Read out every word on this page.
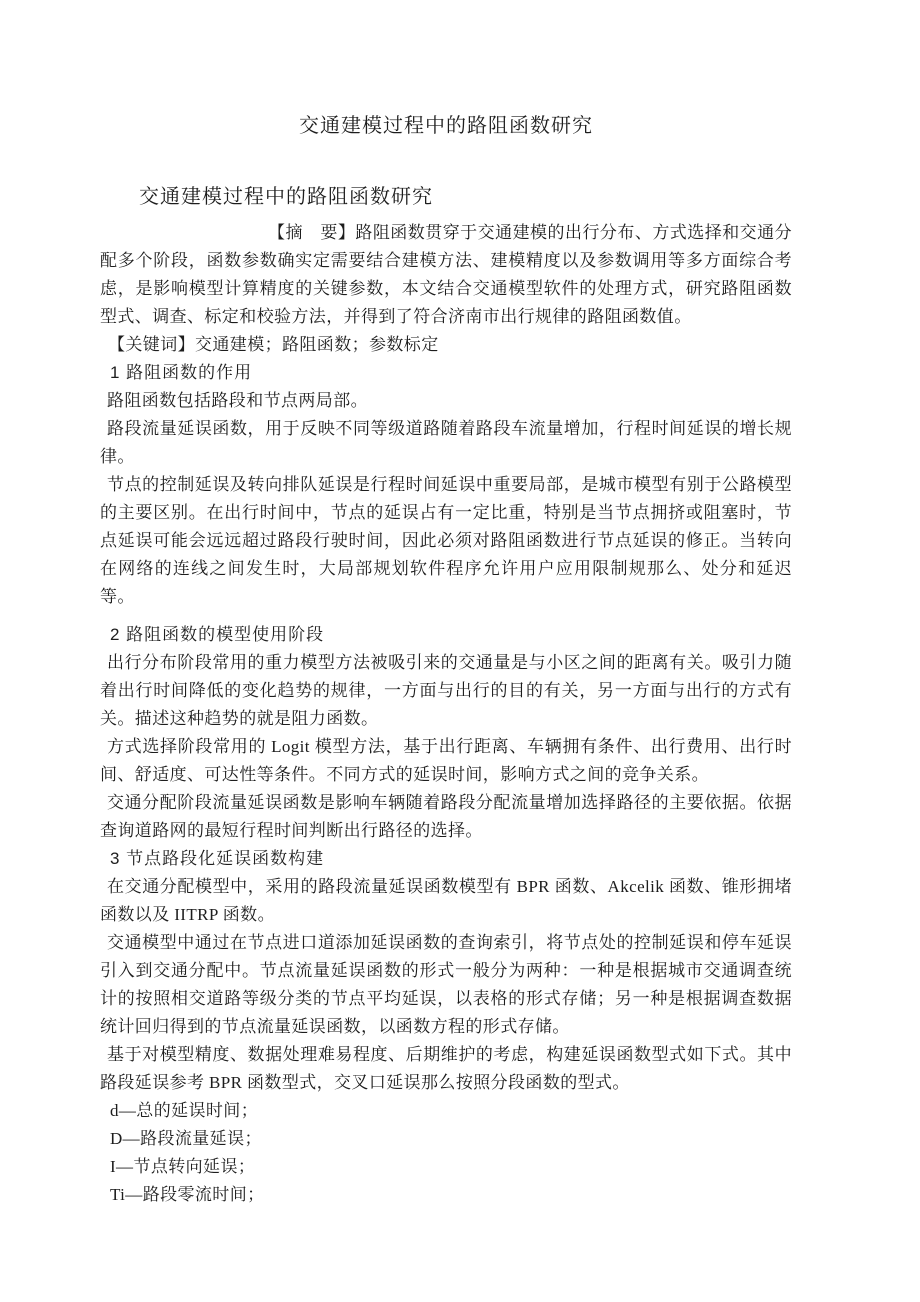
交通建模过程中的路阻函数研究

交通建模过程中的路阻函数研究

【摘　要】路阻函数贯穿于交通建模的出行分布、方式选择和交通分配多个阶段，函数参数确实定需要结合建模方法、建模精度以及参数调用等多方面综合考虑，是影响模型计算精度的关键参数，本文结合交通模型软件的处理方式，研究路阻函数型式、调查、标定和校验方法，并得到了符合济南市出行规律的路阻函数值。

【关键词】交通建模；路阻函数；参数标定

1 路阻函数的作用

路阻函数包括路段和节点两局部。

路段流量延误函数，用于反映不同等级道路随着路段车流量增加，行程时间延误的增长规律。

节点的控制延误及转向排队延误是行程时间延误中重要局部，是城市模型有别于公路模型的主要区别。在出行时间中，节点的延误占有一定比重，特别是当节点拥挤或阻塞时，节点延误可能会远远超过路段行驶时间，因此必须对路阻函数进行节点延误的修正。当转向在网络的连线之间发生时，大局部规划软件程序允许用户应用限制规那么、处分和延迟等。

2 路阻函数的模型使用阶段

出行分布阶段常用的重力模型方法被吸引来的交通量是与小区之间的距离有关。吸引力随着出行时间降低的变化趋势的规律，一方面与出行的目的有关，另一方面与出行的方式有关。描述这种趋势的就是阻力函数。

方式选择阶段常用的 Logit 模型方法，基于出行距离、车辆拥有条件、出行费用、出行时间、舒适度、可达性等条件。不同方式的延误时间，影响方式之间的竞争关系。

交通分配阶段流量延误函数是影响车辆随着路段分配流量增加选择路径的主要依据。依据查询道路网的最短行程时间判断出行路径的选择。

3 节点路段化延误函数构建

在交通分配模型中，采用的路段流量延误函数模型有 BPR 函数、Akcelik 函数、锥形拥堵函数以及 IITRP 函数。

交通模型中通过在节点进口道添加延误函数的查询索引，将节点处的控制延误和停车延误引入到交通分配中。节点流量延误函数的形式一般分为两种：一种是根据城市交通调查统计的按照相交道路等级分类的节点平均延误，以表格的形式存储；另一种是根据调查数据统计回归得到的节点流量延误函数，以函数方程的形式存储。

基于对模型精度、数据处理难易程度、后期维护的考虑，构建延误函数型式如下式。其中路段延误参考 BPR 函数型式，交叉口延误那么按照分段函数的型式。

d—总的延误时间；

D—路段流量延误；

I—节点转向延误；

Ti—路段零流时间；
